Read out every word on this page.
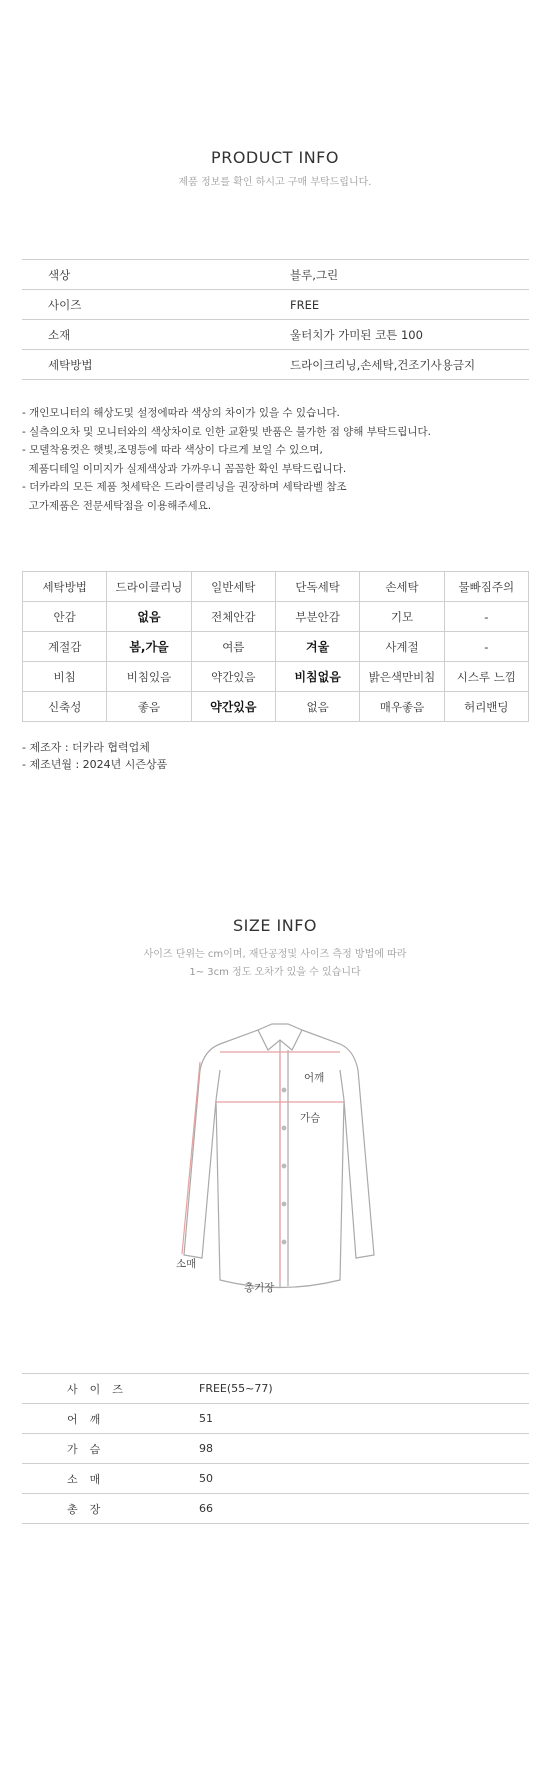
PRODUCT INFO
제품 정보를 확인 하시고 구매 부탁드립니다.
색상	블루,그린
사이즈	FREE
소재	울터치가 가미된 코튼 100
세탁방법	드라이크리닝,손세탁,건조기사용금지
- 개인모니터의 해상도및 설정에따라 색상의 차이가 있을 수 있습니다.
- 실측의오차 및 모니터와의 색상차이로 인한 교환및 반품은 불가한 점 양해 부탁드립니다.
- 모델착용컷은 햇빛,조명등에 따라 색상이 다르게 보일 수 있으며,
제품디테일 이미지가 실제색상과 가까우니 꼼꼼한 확인 부탁드립니다.
- 더카라의 모든 제품 첫세탁은 드라이클리닝을 권장하며 세탁라벨 참조
고가제품은 전문세탁점을 이용해주세요.
세탁방법	드라이클리닝	일반세탁	단독세탁	손세탁	물빠짐주의
안감	없음	전체안감	부분안감	기모	-
계절감	봄,가을	여름	겨울	사계절	-
비침	비침있음	약간있음	비침없음	밝은색만비침	시스루 느낌
신축성	좋음	약간있음	없음	매우좋음	허리밴딩
- 제조자 : 더카라 협력업체
- 제조년월 : 2024년 시즌상품
SIZE INFO
사이즈 단위는 cm이며, 재단공정및 사이즈 측정 방법에 따라
1~ 3cm 정도 오차가 있을 수 있습니다
어깨
가슴
소매
총기장
사이즈	FREE(55~77)
어깨	51
가슴	98
소매	50
총장	66
